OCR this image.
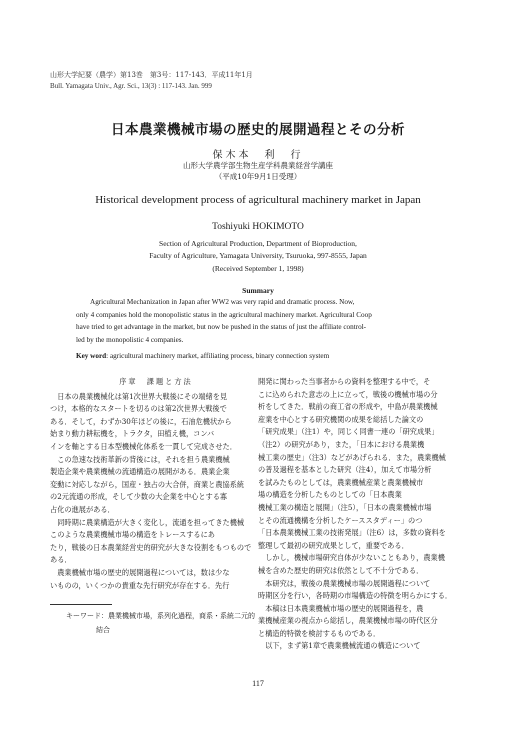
山形大学紀要（農学）第13巻　第3号：117-143．平成11年1月
Bull. Yamagata Univ., Agr. Sci., 13(3) : 117-143. Jan. 999
日本農業機械市場の歴史的展開過程とその分析
保木本　利　行
山形大学農学部生物生産学科農業経営学講座
（平成10年9月1日受理）
Historical development process of agricultural machinery market in Japan
Toshiyuki HOKIMOTO
Section of Agricultural Production, Department of Bioproduction,
Faculty of Agriculture, Yamagata University, Tsuruoka, 997-8555, Japan
(Received September 1, 1998)
Summary

Agricultural Mechanization in Japan after WW2 was very rapid and dramatic process. Now,

only 4 companies hold the monopolistic status in the agricultural machinery market. Agricultural Coop

have tried to get advantage in the market, but now be pushed in the status of just the affiliate control-

led by the monopolistic 4 companies.

Key word: agricultural machinery market, affiliating process, binary connection system

序章　課題と方法

　日本の農業機械化は第1次世界大戦後にその端緒を見

つけ，本格的なスタートを切るのは第2次世界大戦後で

ある．そして，わずか30年ほどの後に，石油危機状から

始まり動力耕耘機を，トラクタ，田植え機，コンバ

インを軸とする日本型機械化体系を一貫して完成させた．

　この急速な技術革新の背後には，それを担う農業機械

製造企業や農業機械の流通構造の展開がある．農業企業

変動に対応しながら，国産・独占の大合併，商業と農協系統

の2元流通の形成，そして少数の大企業を中心とする寡

占化の進展がある．

　同時期に農業構造が大きく変化し，流通を担ってきた機械

このような農業機械市場の構造をトレースするにあ

たり，戦後の日本農業経営史的研究が大きな役割をもつもので

ある．

　農業機械市場の歴史的展開過程については，数は少な

いものの，いくつかの貴重な先行研究が存在する．先行

開発に関わった当事者からの資料を整理する中で，そ

こに込められた意志の上に立って，戦後の機械市場の分

析をしてきた．戦前の商工省の形成や，中島が農業機械

産業を中心とする研究機関の成果を総括した論文の

「研究成果」（注1）や，同じく同書一連の「研究成果」

（注2）の研究があり，また，「日本における農業機

械工業の歴史」（注3）などがあげられる．また，農業機械

の普及過程を基本とした研究（注4），加えて市場分析

を試みたものとしては，農業機械産業と農業機械市

場の構造を分析したものとしての「日本農業

機械工業の構造と展開」（注5），「日本の農業機械市場

とその流通機構を分析したケーススタディー」のつ

「日本農業機械工業の技術発展」（注6）は，多数の資料を

整理して最初の研究成果として，重要である．

　しかし，機械市場研究自体が少ないこともあり，農業機

械を含めた歴史的研究は依然として不十分である．

　本研究は，戦後の農業機械市場の展開過程について

時期区分を行い，各時期の市場構造の特徴を明らかにする．

　本稿は日本農業機械市場の歴史的展開過程を，農

業機械産業の視点から総括し，農業機械市場の時代区分

と構造的特徴を検討するものである．

　以下，まず第1章で農業機械流通の構造について

キーワード：農業機械市場，系列化過程，商系・系統二元的
結合
117
